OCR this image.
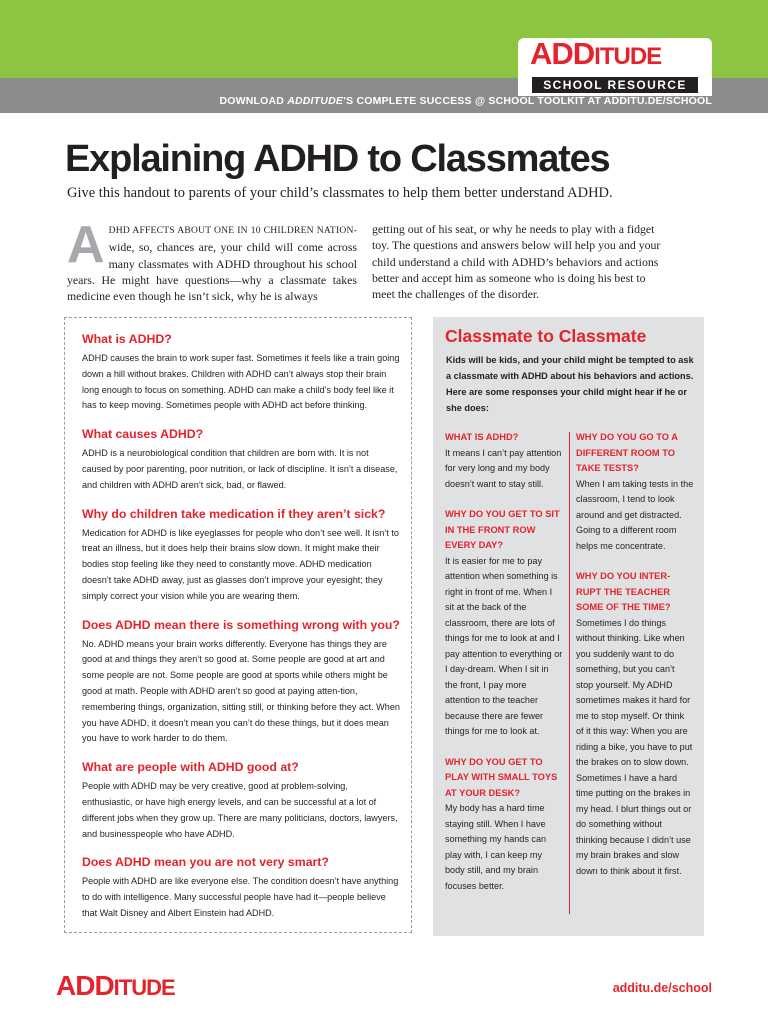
ADDITUDE
SCHOOL RESOURCE
DOWNLOAD ADDITUDE’S COMPLETE SUCCESS @ SCHOOL TOOLKIT AT ADDITU.DE/SCHOOL
Explaining ADHD to Classmates

Give this handout to parents of your child’s classmates to help them better understand ADHD.

ADHD AFFECTS ABOUT ONE IN 10 CHILDREN NATION- wide, so, chances are, your child will come across many classmates with ADHD throughout his school years. He might have questions—why a classmate takes medicine even though he isn’t sick, why he is always

getting out of his seat, or why he needs to play with a fidget toy. The questions and answers below will help you and your child understand a child with ADHD’s behaviors and actions better and accept him as someone who is doing his best to meet the challenges of the disorder.

What is ADHD?

ADHD causes the brain to work super fast. Sometimes it feels like a train going down a hill without brakes. Children with ADHD can’t always stop their brain long enough to focus on something. ADHD can make a child’s body feel like it has to keep moving. Sometimes people with ADHD act before thinking.

What causes ADHD?

ADHD is a neurobiological condition that children are born with. It is not caused by poor parenting, poor nutrition, or lack of discipline. It isn’t a disease, and children with ADHD aren’t sick, bad, or flawed.

Why do children take medication if they aren’t sick?

Medication for ADHD is like eyeglasses for people who don’t see well. It isn’t to treat an illness, but it does help their brains slow down. It might make their bodies stop feeling like they need to constantly move. ADHD medication doesn’t take ADHD away, just as glasses don’t improve your eyesight; they simply correct your vision while you are wearing them.

Does ADHD mean there is something wrong with you?

No. ADHD means your brain works differently. Everyone has things they are good at and things they aren’t so good at. Some people are good at art and some people are not. Some people are good at sports while others might be good at math. People with ADHD aren’t so good at paying atten-tion, remembering things, organization, sitting still, or thinking before they act. When you have ADHD, it doesn’t mean you can’t do these things, but it does mean you have to work harder to do them.

What are people with ADHD good at?

People with ADHD may be very creative, good at problem-solving, enthusiastic, or have high energy levels, and can be successful at a lot of different jobs when they grow up. There are many politicians, doctors, lawyers, and businesspeople who have ADHD.

Does ADHD mean you are not very smart?

People with ADHD are like everyone else. The condition doesn’t have anything to do with intelligence. Many successful people have had it—people believe that Walt Disney and Albert Einstein had ADHD.

Classmate to Classmate

Kids will be kids, and your child might be tempted to ask a classmate with ADHD about his behaviors and actions. Here are some responses your child might hear if he or she does:

WHAT IS ADHD?

It means I can’t pay attention for very long and my body doesn’t want to stay still.

WHY DO YOU GET TO SIT IN THE FRONT ROW EVERY DAY?

It is easier for me to pay attention when something is right in front of me. When I sit at the back of the classroom, there are lots of things for me to look at and I pay attention to everything or I day-dream. When I sit in the front, I pay more attention to the teacher because there are fewer things for me to look at.

WHY DO YOU GET TO PLAY WITH SMALL TOYS AT YOUR DESK?

My body has a hard time staying still. When I have something my hands can play with, I can keep my body still, and my brain focuses better.

WHY DO YOU GO TO A DIFFERENT ROOM TO TAKE TESTS?

When I am taking tests in the classroom, I tend to look around and get distracted. Going to a different room helps me concentrate.

WHY DO YOU INTER-RUPT THE TEACHER SOME OF THE TIME?

Sometimes I do things without thinking. Like when you suddenly want to do something, but you can’t stop yourself. My ADHD sometimes makes it hard for me to stop myself. Or think of it this way: When you are riding a bike, you have to put the brakes on to slow down. Sometimes I have a hard time putting on the brakes in my head. I blurt things out or do something without thinking because I didn’t use my brain brakes and slow down to think about it first.

ADDITUDE	additu.de/school
